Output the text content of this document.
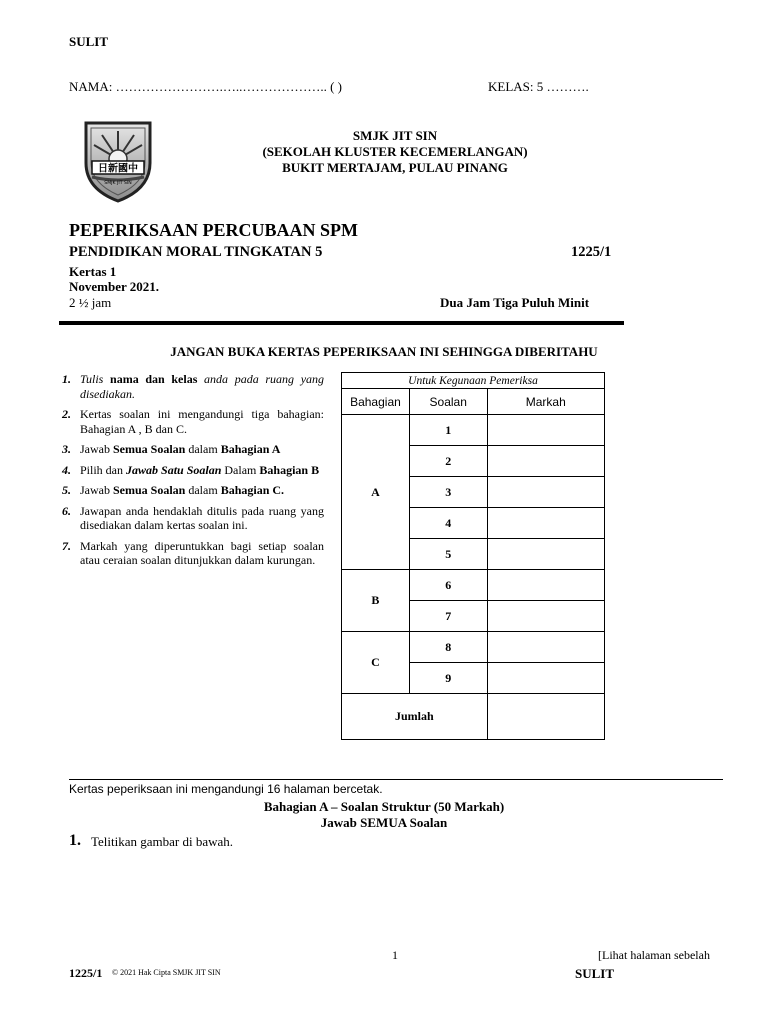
SULIT
NAMA: …………………….…..……………….. ( )	KELAS: 5 ……….
日新國中
SMJK JIT SIN
SMJK JIT SIN
(SEKOLAH KLUSTER KECEMERLANGAN)
BUKIT MERTAJAM, PULAU PINANG
PEPERIKSAAN PERCUBAAN SPM
PENDIDIKAN MORAL TINGKATAN 5	1225/1
Kertas 1
November 2021.
2 ½ jam	Dua Jam Tiga Puluh Minit
JANGAN BUKA KERTAS PEPERIKSAAN INI SEHINGGA DIBERITAHU
1. Tulis nama dan kelas anda pada ruang yang disediakan.
2. Kertas soalan ini mengandungi tiga bahagian: Bahagian A , B dan C.
3. Jawab Semua Soalan dalam Bahagian A
4. Pilih dan Jawab Satu Soalan Dalam Bahagian B
5. Jawab Semua Soalan dalam Bahagian C.
6. Jawapan anda hendaklah ditulis pada ruang yang disediakan dalam kertas soalan ini.
7. Markah yang diperuntukkan bagi setiap soalan atau ceraian soalan ditunjukkan dalam kurungan.
Untuk Kegunaan Pemeriksa		
Bahagian	Soalan	Markah
A	1	
	2	
	3	
	4	
	5	
B	6	
	7	
C	8	
	9	
Jumlah		
Kertas peperiksaan ini mengandungi 16 halaman bercetak.
Bahagian A – Soalan Struktur (50 Markah)
Jawab SEMUA Soalan
1. Telitikan gambar di bawah.
1	[Lihat halaman sebelah
1225/1 © 2021 Hak Cipta SMJK JIT SIN	SULIT
